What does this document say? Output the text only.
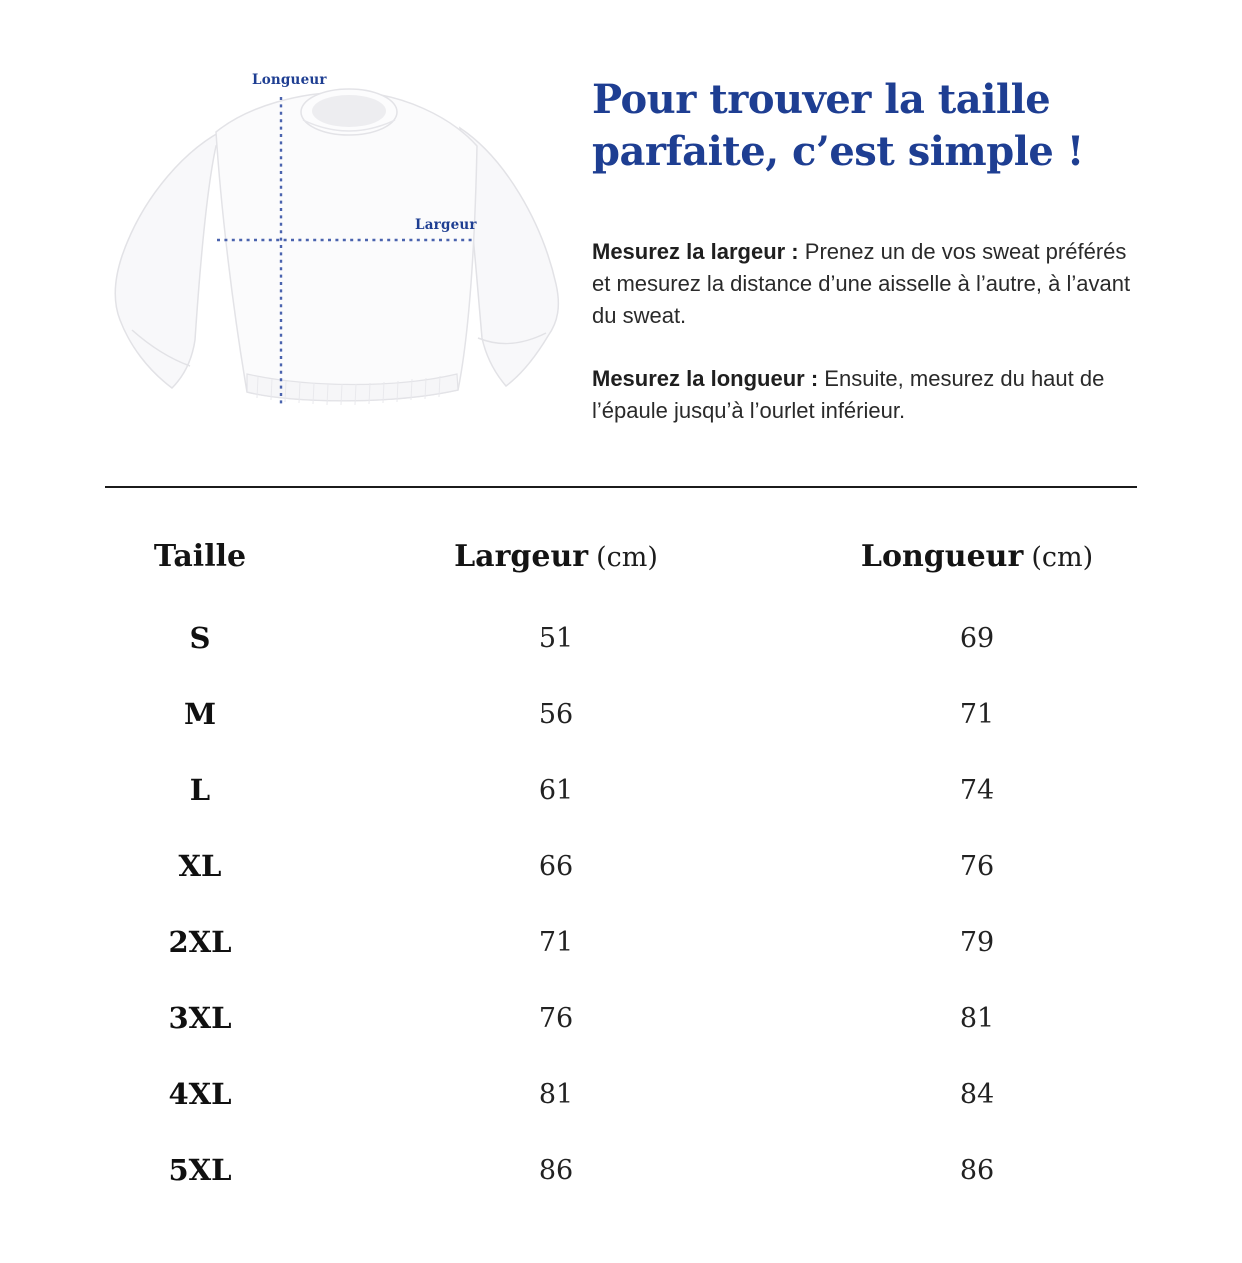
Longueur
Largeur
Pour trouver la taille parfaite, c’est simple !

Mesurez la largeur : Prenez un de vos sweat préférés et mesurez la distance d’une aisselle à l’autre, à l’avant du sweat.

Mesurez la longueur : Ensuite, mesurez du haut de l’épaule jusqu’à l’ourlet inférieur.

Taille	Largeur (cm)	Longueur (cm)
S	51	69
M	56	71
L	61	74
XL	66	76
2XL	71	79
3XL	76	81
4XL	81	84
5XL	86	86
